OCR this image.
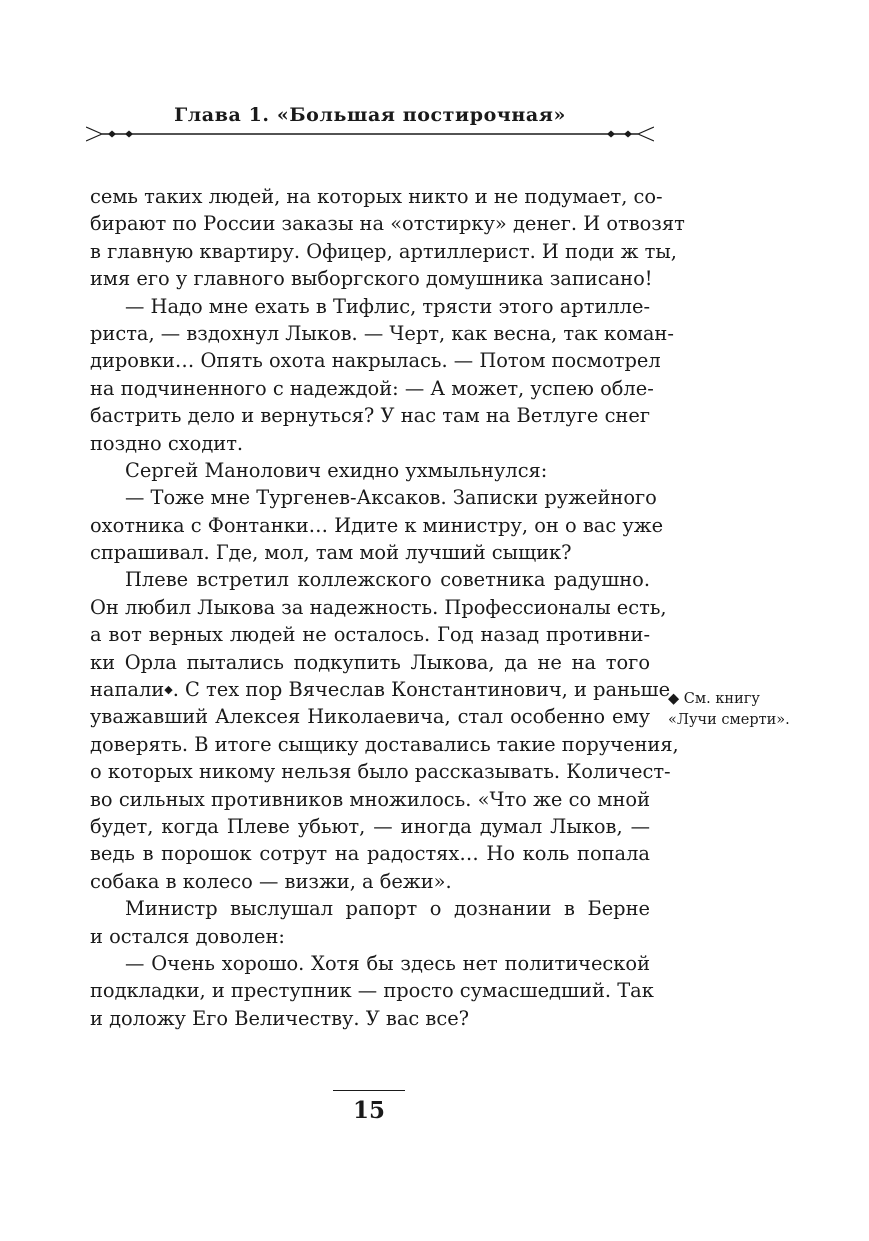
Глава 1. «Большая постирочная»
семь таких людей, на которых никто и не подумает, со-
бирают по России заказы на «отстирку» денег. И отвозят
в главную квартиру. Офицер, артиллерист. И поди ж ты,
имя его у главного выборгского домушника записано!
— Надо мне ехать в Тифлис, трясти этого артилле-
риста, — вздохнул Лыков. — Черт, как весна, так коман-
дировки… Опять охота накрылась. — Потом посмотрел
на подчиненного с надеждой: — А может, успею обле-
бастрить дело и вернуться? У нас там на Ветлуге снег
поздно сходит.
Сергей Манолович ехидно ухмыльнулся:
— Тоже мне Тургенев-Аксаков. Записки ружейного
охотника с Фонтанки… Идите к министру, он о вас уже
спрашивал. Где, мол, там мой лучший сыщик?
Плеве встретил коллежского советника радушно.
Он любил Лыкова за надежность. Профессионалы есть,
а вот верных людей не осталось. Год назад противни-
ки Орла пытались подкупить Лыкова, да не на того
напали◆. С тех пор Вячеслав Константинович, и раньше
уважавший Алексея Николаевича, стал особенно ему
доверять. В итоге сыщику доставались такие поручения,
о которых никому нельзя было рассказывать. Количест-
во сильных противников множилось. «Что же со мной
будет, когда Плеве убьют, — иногда думал Лыков, —
ведь в порошок сотрут на радостях… Но коль попала
собака в колесо — визжи, а бежи».
Министр выслушал рапорт о дознании в Берне
и остался доволен:
— Очень хорошо. Хотя бы здесь нет политической
подкладки, и преступник — просто сумасшедший. Так
и доложу Его Величеству. У вас все?
◆ См. книгу
«Лучи смерти».
15
